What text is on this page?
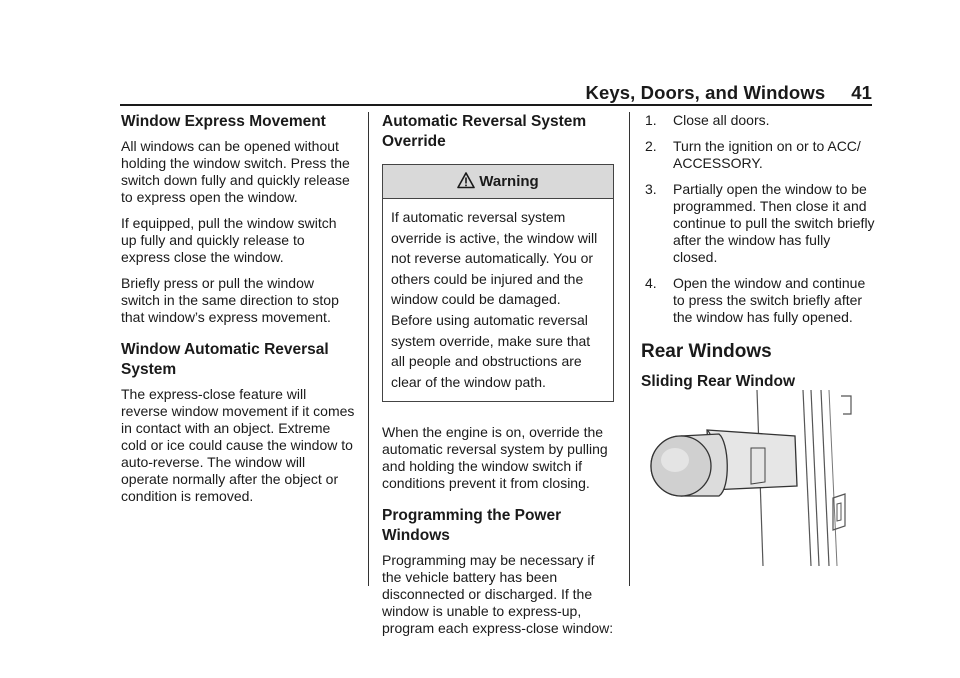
Keys, Doors, and Windows 41
Window Express Movement

All windows can be opened without holding the window switch. Press the switch down fully and quickly release to express open the window.

If equipped, pull the window switch up fully and quickly release to express close the window.

Briefly press or pull the window switch in the same direction to stop that window’s express movement.

Window Automatic Reversal System

The express-close feature will reverse window movement if it comes in contact with an object. Extreme cold or ice could cause the window to auto-reverse. The window will operate normally after the object or condition is removed.

Automatic Reversal System Override
Warning
If automatic reversal system override is active, the window will not reverse automatically. You or others could be injured and the window could be damaged. Before using automatic reversal system override, make sure that all people and obstructions are clear of the window path.

When the engine is on, override the automatic reversal system by pulling and holding the window switch if conditions prevent it from closing.

Programming the Power Windows

Programming may be necessary if the vehicle battery has been disconnected or discharged. If the window is unable to express-up, program each express-close window:

1. Close all doors.
2. Turn the ignition on or to ACC/ ACCESSORY.
3. Partially open the window to be programmed. Then close it and continue to pull the switch briefly after the window has fully closed.
4. Open the window and continue to press the switch briefly after the window has fully opened.
Rear Windows
Sliding Rear Window
